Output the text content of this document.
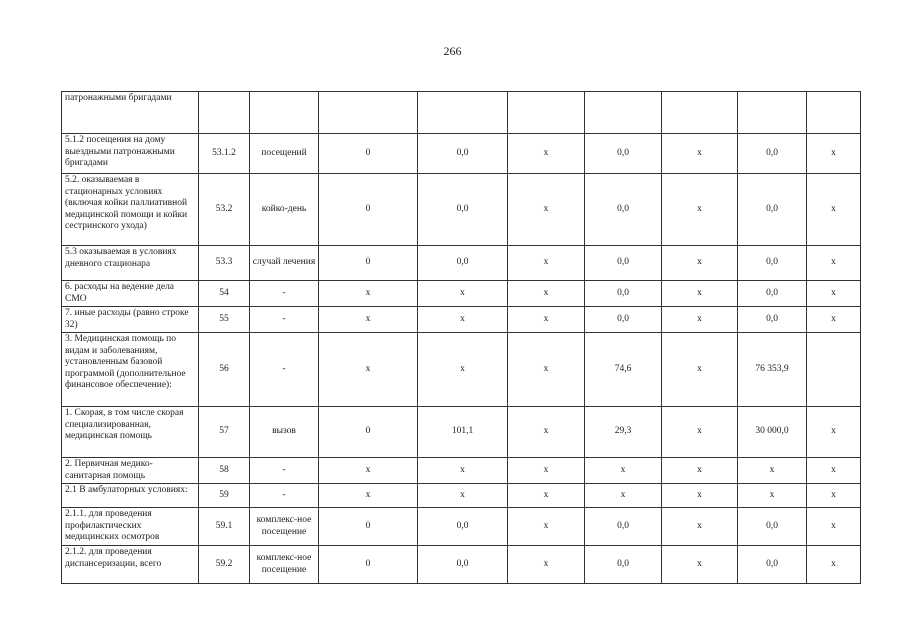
266
патронажными бригадами									
5.1.2 посещения на дому выездными патронажными бригадами	53.1.2	посещений	0	0,0	х	0,0	х	0,0	х
5.2. оказываемая в стационарных условиях (включая койки паллиативной медицинской помощи и койки сестринского ухода)	53.2	койко-день	0	0,0	х	0,0	х	0,0	х
5.3 оказываемая в условиях дневного стационара	53.3	случай лечения	0	0,0	х	0,0	х	0,0	х
6. расходы на ведение дела СМО	54	-	х	х	х	0,0	х	0,0	х
7. иные расходы (равно строке 32)	55	-	х	х	х	0,0	х	0,0	х
3. Медицинская помощь по видам и заболеваниям, установленным базовой программой (дополнительное финансовое обеспечение):	56	-	х	х	х	74,6	х	76 353,9	
1. Скорая, в том числе скорая специализированная, медицинская помощь	57	вызов	0	101,1	х	29,3	х	30 000,0	х
2. Первичная медико-санитарная помощь	58	-	х	х	х	х	х	х	х
2.1 В амбулаторных условиях:	59	-	х	х	х	х	х	х	х
2.1.1. для проведения профилактических медицинских осмотров	59.1	комплекс-ное посещение	0	0,0	х	0,0	х	0,0	х
2.1.2. для проведения диспансеризации, всего	59.2	комплекс-ное посещение	0	0,0	х	0,0	х	0,0	х
